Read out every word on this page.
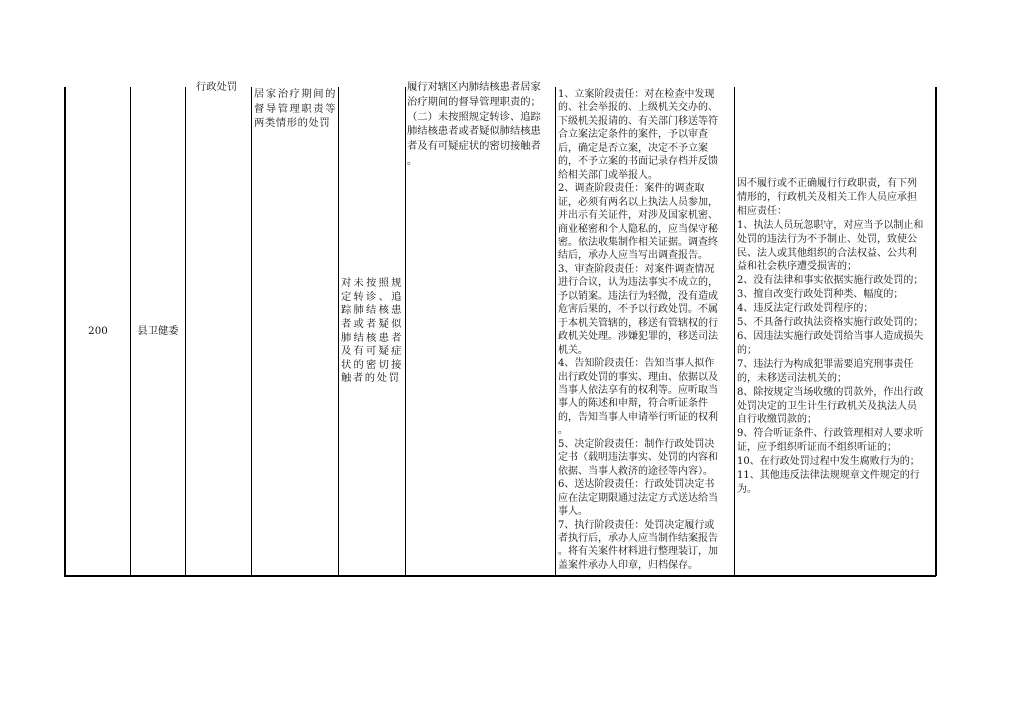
200	县卫健委
行政处罚
居家治疗期间的督导管理职责等两类情形的处罚
对未按照规定转诊、追踪肺结核患者或者疑似肺结核患者及有可疑症状的密切接触者的处罚
履行对辖区内肺结核患者居家
治疗期间的督导管理职责的；
（二）未按照规定转诊、追踪
肺结核患者或者疑似肺结核患
者及有可疑症状的密切接触者
。
1、立案阶段责任：对在检查中发现
的、社会举报的、上级机关交办的、
下级机关报请的、有关部门移送等符
合立案法定条件的案件，予以审查
后，确定是否立案，决定不予立案
的，不予立案的书面记录存档并反馈
给相关部门或举报人。
2、调查阶段责任：案件的调查取
证，必须有两名以上执法人员参加，
并出示有关证件，对涉及国家机密、
商业秘密和个人隐私的，应当保守秘
密。依法收集制作相关证据。调查终
结后，承办人应当写出调查报告。
3、审查阶段责任：对案件调查情况
进行合议，认为违法事实不成立的，
予以销案。违法行为轻微，没有造成
危害后果的，不予以行政处罚。不属
于本机关管辖的，移送有管辖权的行
政机关处理。涉嫌犯罪的，移送司法
机关。
4、告知阶段责任：告知当事人拟作
出行政处罚的事实、理由、依据以及
当事人依法享有的权利等。应听取当
事人的陈述和申辩，符合听证条件
的，告知当事人申请举行听证的权利
。
5、决定阶段责任：制作行政处罚决
定书（载明违法事实、处罚的内容和
依据、当事人救济的途径等内容）。
6、送达阶段责任：行政处罚决定书
应在法定期限通过法定方式送达给当
事人。
7、执行阶段责任：处罚决定履行或
者执行后，承办人应当制作结案报告
。将有关案件材料进行整理装订，加
盖案件承办人印章，归档保存。
因不履行或不正确履行行政职责，有下列
情形的，行政机关及相关工作人员应承担
相应责任：
1、执法人员玩忽职守，对应当予以制止和
处罚的违法行为不予制止、处罚，致使公
民、法人或其他组织的合法权益、公共利
益和社会秩序遭受损害的；
2、没有法律和事实依据实施行政处罚的；
3、擅自改变行政处罚种类、幅度的；
4、违反法定行政处罚程序的；
5、不具备行政执法资格实施行政处罚的；
6、因违法实施行政处罚给当事人造成损失
的；
7、违法行为构成犯罪需要追究刑事责任
的，未移送司法机关的；
8、除按规定当场收缴的罚款外，作出行政
处罚决定的卫生计生行政机关及执法人员
自行收缴罚款的；
9、符合听证条件、行政管理相对人要求听
证，应予组织听证而不组织听证的；
10、在行政处罚过程中发生腐败行为的；
11、其他违反法律法规规章文件规定的行
为。
